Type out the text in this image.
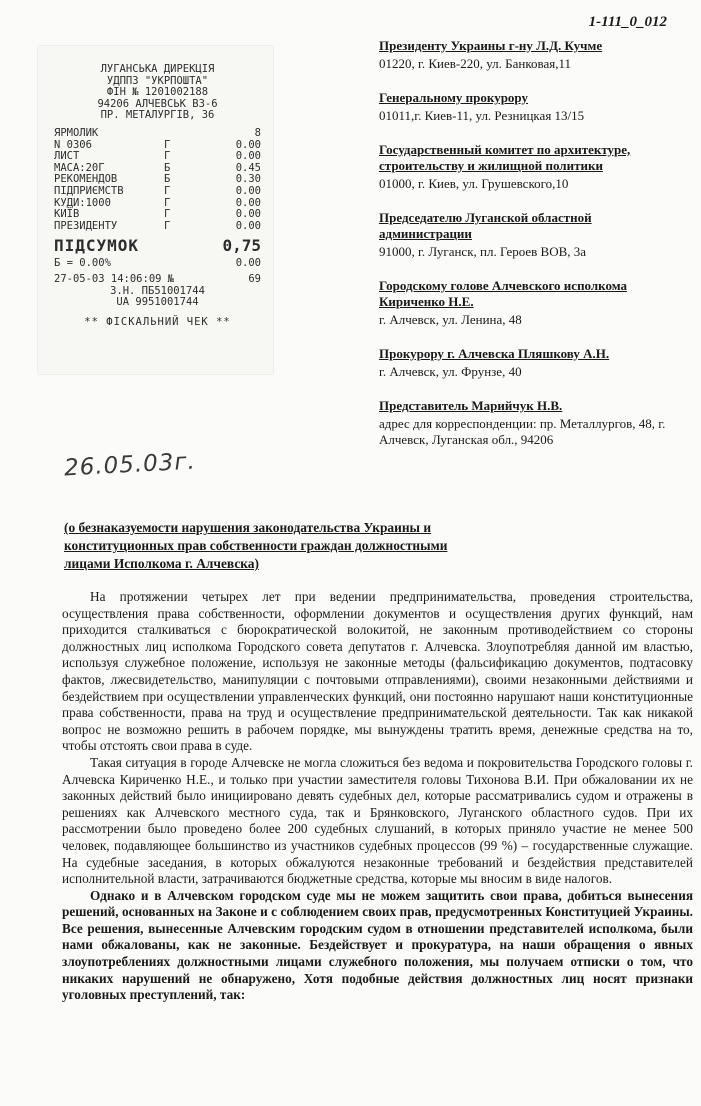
1-111_0_012
ЛУГАНСЬКА ДИРЕКЦІЯ
УДППЗ "УКРПОШТА"
ФІН № 1201002188
94206 АЛЧЕВСЬК ВЗ-6
ПР. МЕТАЛУРГІВ, 36
ЯРМОЛИК	8
N 0306	Г	0.00
ЛИСТ	Г	0.00
МАСА:20Г	Б	0.45
РЕКОМЕНДОВ	Б	0.30
ПІДПРИЄМСТВ	Г	0.00
КУДИ:1000	Г	0.00
КИЇВ	Г	0.00
ПРЕЗИДЕНТУ	Г	0.00
ПІДСУМОК	0,75
Б = 0.00%	0.00
27-05-03 14:06:09 №	69
З.Н. ПБ51001744
UA 9951001744
** ФІСКАЛЬНИЙ ЧЕК **
Президенту Украины г-ну Л.Д. Кучме
01220, г. Киев-220, ул. Банковая,11
Генеральному прокурору
01011,г. Киев-11, ул. Резницкая 13/15
Государственный комитет по архитектуре, строительству и жилищной политики
01000, г. Киев, ул. Грушевского,10
Председателю Луганской областной администрации
91000, г. Луганск, пл. Героев ВОВ, 3а
Городскому голове Алчевского исполкома Кириченко Н.Е.
г. Алчевск, ул. Ленина, 48
Прокурору г. Алчевска Пляшкову А.Н.
г. Алчевск, ул. Фрунзе, 40
Представитель Марийчук Н.В.
адрес для корреспонденции: пр. Металлургов, 48, г. Алчевск, Луганская обл., 94206
26.05.03г.
(о безнаказуемости нарушения законодательства Украины и конституционных прав собственности граждан должностными лицами Исполкома г. Алчевска)

На протяжении четырех лет при ведении предпринимательства, проведения строительства, осуществления права собственности, оформлении документов и осуществления других функций, нам приходится сталкиваться с бюрократической волокитой, не законным противодействием со стороны должностных лиц исполкома Городского совета депутатов г. Алчевска. Злоупотребляя данной им властью, используя служебное положение, используя не законные методы (фальсификацию документов, подтасовку фактов, лжесвидетельство, манипуляции с почтовыми отправлениями), своими незаконными действиями и бездействием при осуществлении управленческих функций, они постоянно нарушают наши конституционные права собственности, права на труд и осуществление предпринимательской деятельности. Так как никакой вопрос не возможно решить в рабочем порядке, мы вынуждены тратить время, денежные средства на то, чтобы отстоять свои права в суде.

Такая ситуация в городе Алчевске не могла сложиться без ведома и покровительства Городского головы г. Алчевска Кириченко Н.Е., и только при участии заместителя головы Тихонова В.И. При обжаловании их не законных действий было инициировано девять судебных дел, которые рассматривались судом и отражены в решениях как Алчевского местного суда, так и Брянковского, Луганского областного судов. При их рассмотрении было проведено более 200 судебных слушаний, в которых приняло участие не менее 500 человек, подавляющее большинство из участников судебных процессов (99 %) – государственные служащие. На судебные заседания, в которых обжалуются незаконные требований и бездействия представителей исполнительной власти, затрачиваются бюджетные средства, которые мы вносим в виде налогов.

Однако и в Алчевском городском суде мы не можем защитить свои права, добиться вынесения решений, основанных на Законе и с соблюдением своих прав, предусмотренных Конституцией Украины. Все решения, вынесенные Алчевским городским судом в отношении представителей исполкома, были нами обжалованы, как не законные. Бездействует и прокуратура, на наши обращения о явных злоупотреблениях должностными лицами служебного положения, мы получаем отписки о том, что никаких нарушений не обнаружено, Хотя подобные действия должностных лиц носят признаки уголовных преступлений, так:
